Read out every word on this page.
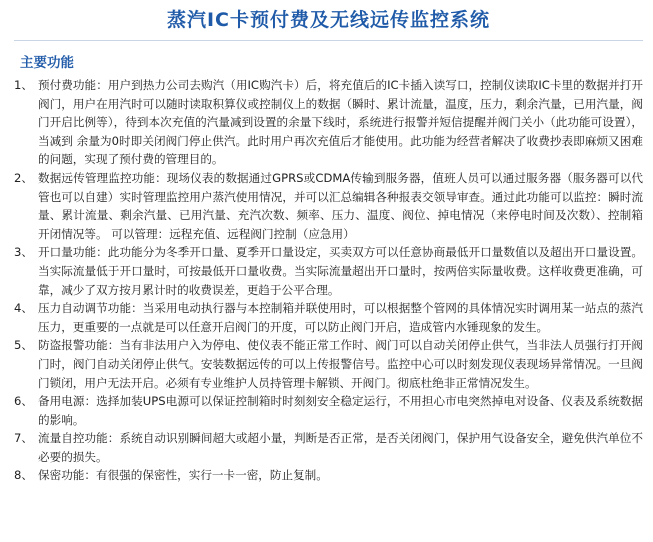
蒸汽IC卡预付费及无线远传监控系统
主要功能
1、 预付费功能：用户到热力公司去购汽（用IC购汽卡）后，将充值后的IC卡插入读写口，控制仪读取IC卡里的数据并打开阀门，用户在用汽时可以随时读取积算仪或控制仪上的数据（瞬时、累计流量，温度，压力，剩余汽量，已用汽量，阀门开启比例等），待到本次充值的汽量减到设置的余量下线时，系统进行报警并短信提醒并阀门关小（此功能可设置），当减到 余量为0时即关闭阀门停止供汽。此时用户再次充值后才能使用。此功能为经营者解决了收费抄表即麻烦又困难的问题，实现了预付费的管理目的。
2、 数据远传管理监控功能：现场仪表的数据通过GPRS或CDMA传输到服务器，值班人员可以通过服务器（服务器可以代管也可以自建）实时管理监控用户蒸汽使用情况，并可以汇总编辑各种报表交领导审查。通过此功能可以监控：瞬时流量、累计流量、剩余汽量、已用汽量、充汽次数、频率、压力、温度、阀位、掉电情况（来停电时间及次数）、控制箱开闭情况等。 可以管理：远程充值、远程阀门控制（应急用）
3、 开口量功能：此功能分为冬季开口量、夏季开口量设定，买卖双方可以任意协商最低开口量数值以及超出开口量设置。当实际流量低于开口量时，可按最低开口量收费。当实际流量超出开口量时，按两倍实际量收费。这样收费更准确，可靠，减少了双方按月累计时的收费误差，更趋于公平合理。
4、 压力自动调节功能：当采用电动执行器与本控制箱并联使用时，可以根据整个管网的具体情况实时调用某一站点的蒸汽压力，更重要的一点就是可以任意开启阀门的开度，可以防止阀门开启，造成管内水锤现象的发生。
5、 防盗报警功能：当有非法用户入为停电、使仪表不能正常工作时、阀门可以自动关闭停止供气，当非法人员强行打开阀门时，阀门自动关闭停止供气。安装数据远传的可以上传报警信号。监控中心可以时刻发现仪表现场异常情况。一旦阀门锁闭，用户无法开启。必须有专业维护人员持管理卡解锁、开阀门。彻底杜绝非正常情况发生。
6、 备用电源：选择加装UPS电源可以保证控制箱时时刻刻安全稳定运行，不用担心市电突然掉电对设备、仪表及系统数据的影响。
7、 流量自控功能：系统自动识别瞬间超大或超小量，判断是否正常，是否关闭阀门，保护用气设备安全，避免供汽单位不必要的损失。
8、 保密功能：有很强的保密性，实行一卡一密，防止复制。
